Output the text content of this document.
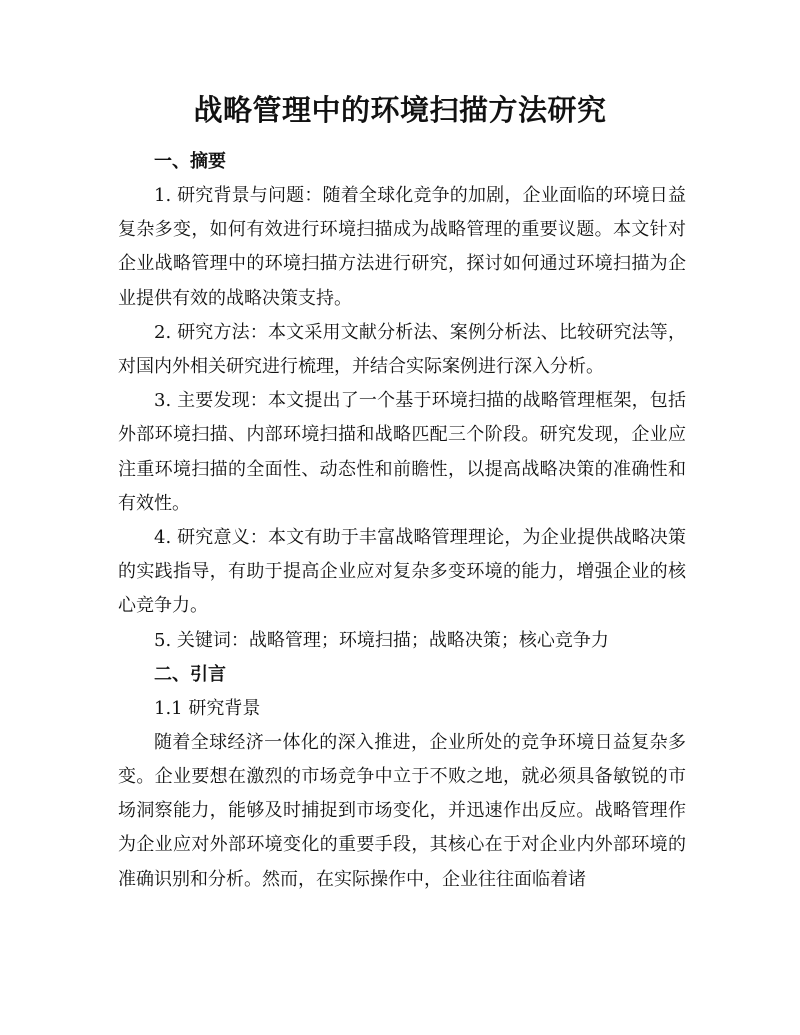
战略管理中的环境扫描方法研究
一、摘要

1. 研究背景与问题：随着全球化竞争的加剧，企业面临的环境日益复杂多变，如何有效进行环境扫描成为战略管理的重要议题。本文针对企业战略管理中的环境扫描方法进行研究，探讨如何通过环境扫描为企业提供有效的战略决策支持。

2. 研究方法：本文采用文献分析法、案例分析法、比较研究法等，对国内外相关研究进行梳理，并结合实际案例进行深入分析。

3. 主要发现：本文提出了一个基于环境扫描的战略管理框架，包括外部环境扫描、内部环境扫描和战略匹配三个阶段。研究发现，企业应注重环境扫描的全面性、动态性和前瞻性，以提高战略决策的准确性和有效性。

4. 研究意义：本文有助于丰富战略管理理论，为企业提供战略决策的实践指导，有助于提高企业应对复杂多变环境的能力，增强企业的核心竞争力。

5. 关键词：战略管理；环境扫描；战略决策；核心竞争力

二、引言
1.1 研究背景

随着全球经济一体化的深入推进，企业所处的竞争环境日益复杂多变。企业要想在激烈的市场竞争中立于不败之地，就必须具备敏锐的市场洞察能力，能够及时捕捉到市场变化，并迅速作出反应。战略管理作为企业应对外部环境变化的重要手段，其核心在于对企业内外部环境的准确识别和分析。然而，在实际操作中，企业往往面临着诸
